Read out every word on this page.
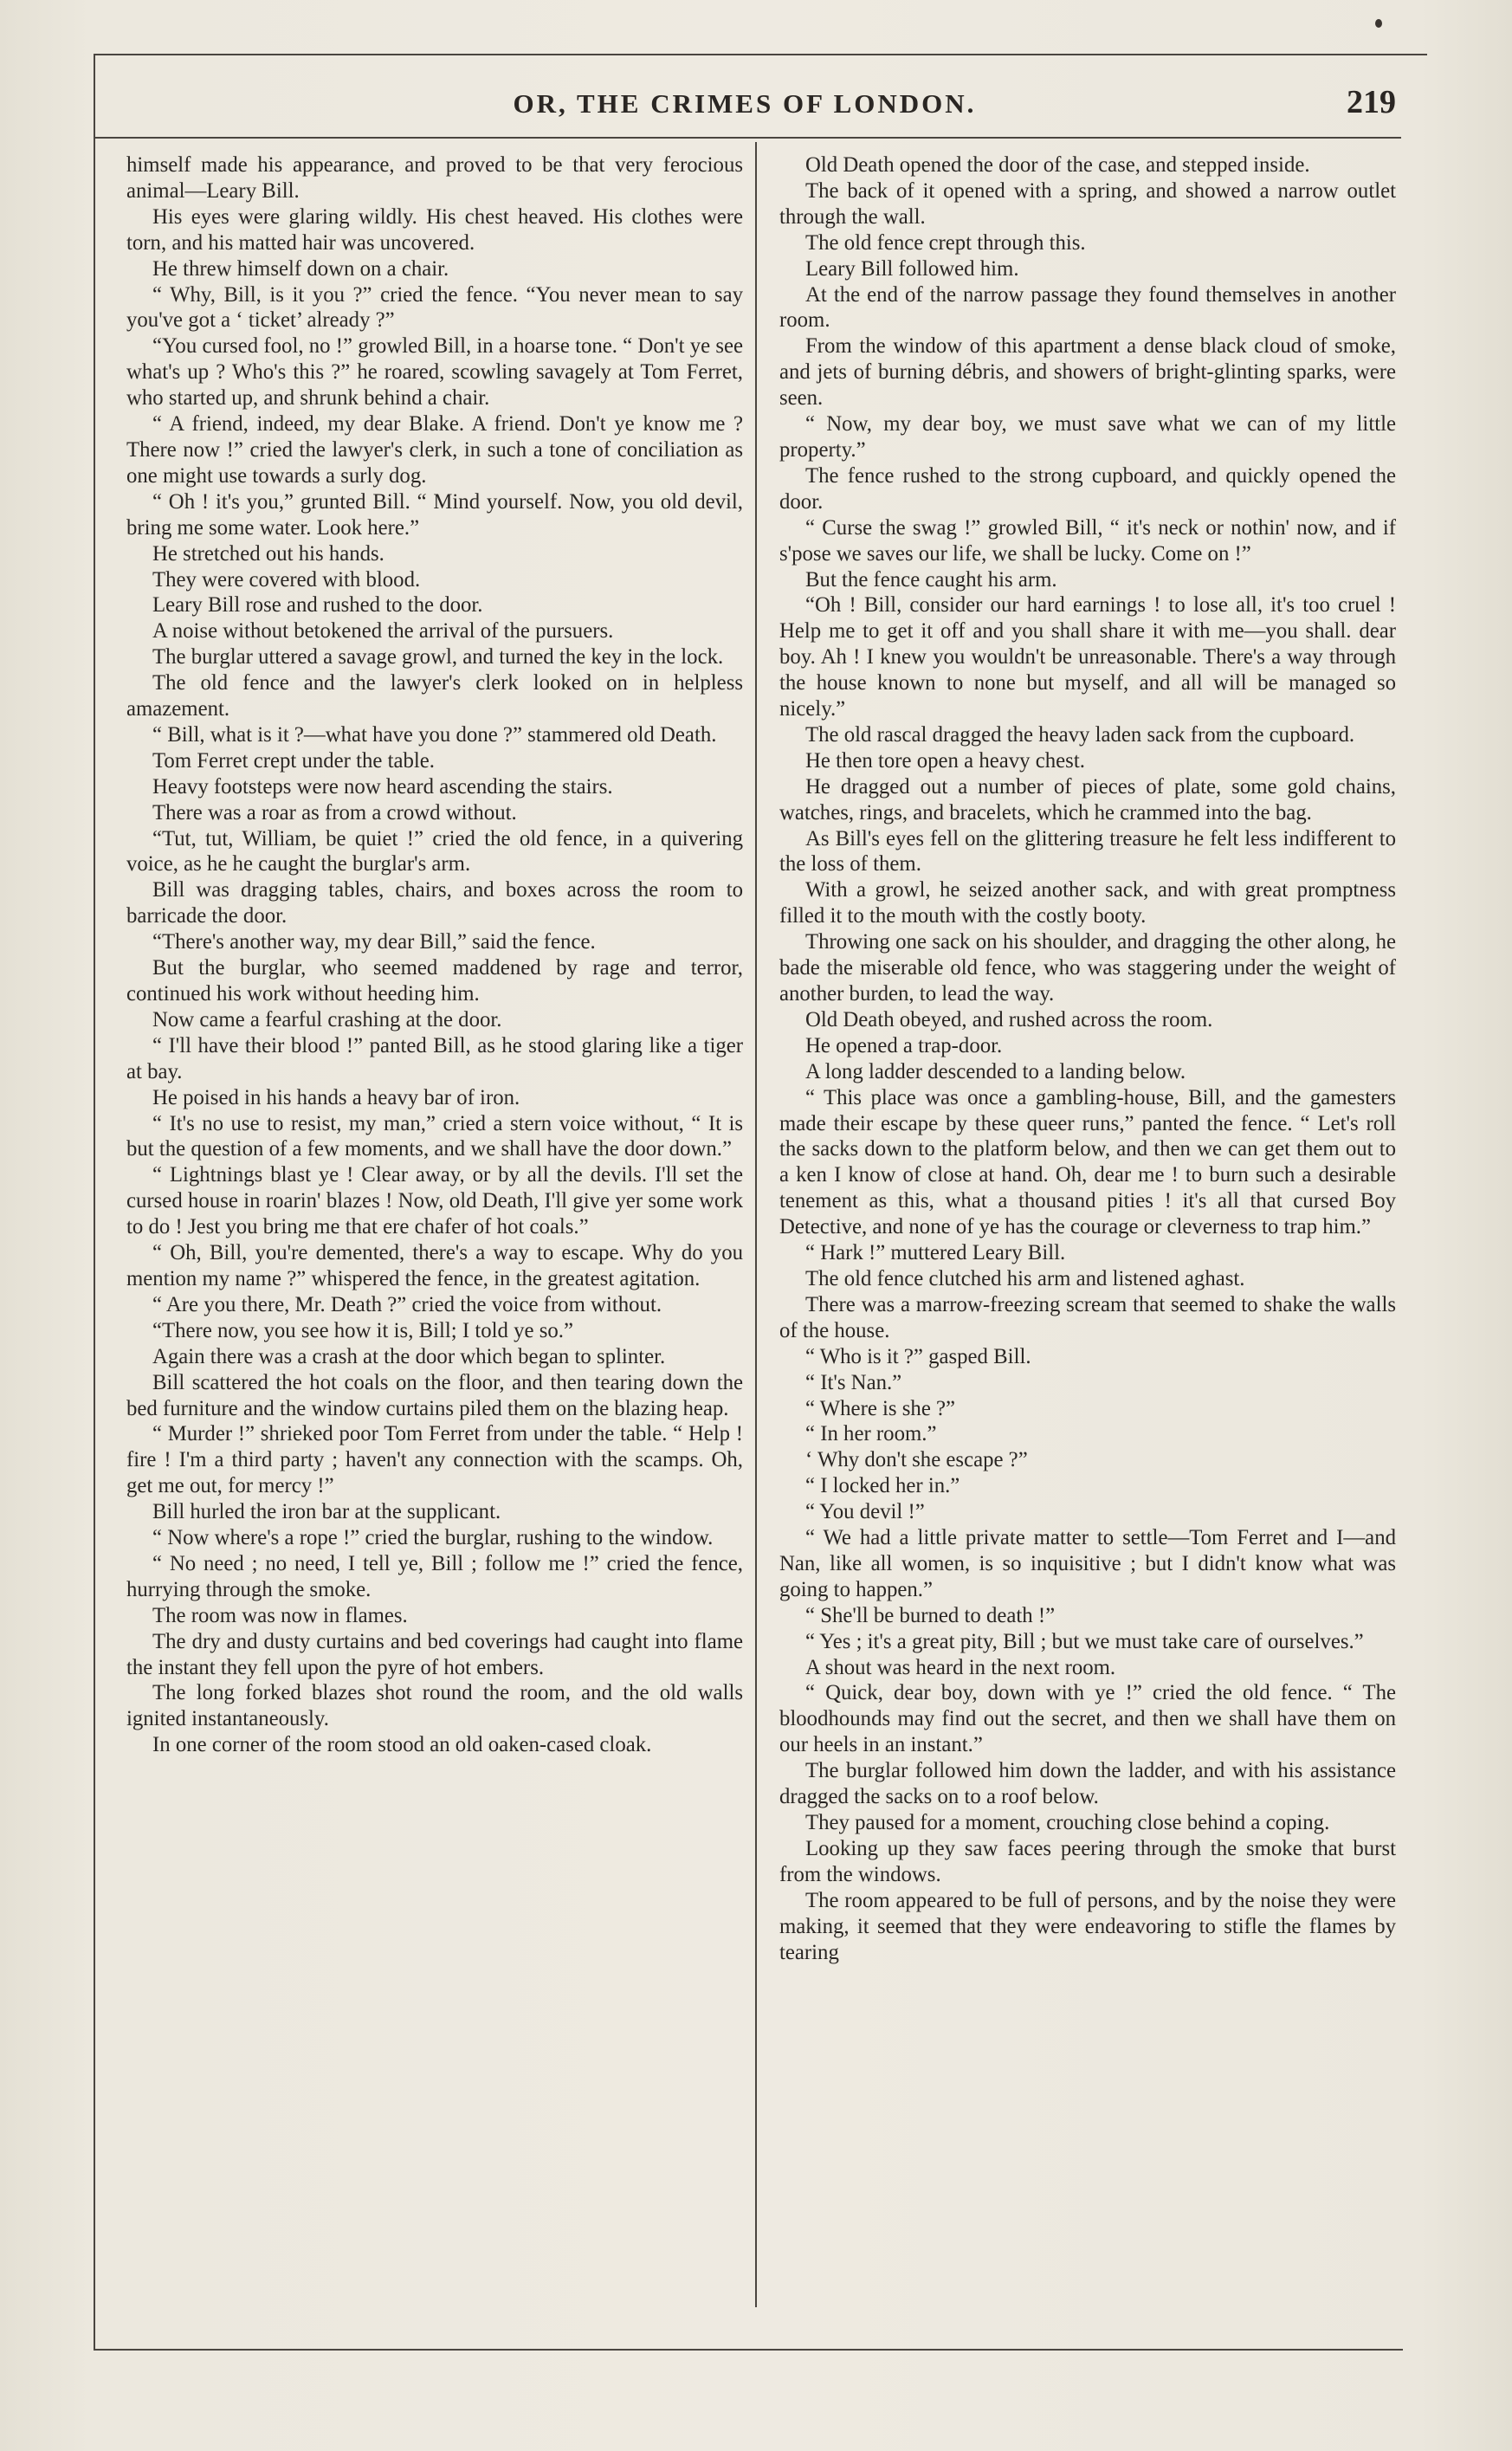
OR, THE CRIMES OF LONDON.	219

himself made his appearance, and proved to be that very ferocious animal—Leary Bill.

His eyes were glaring wildly. His chest heaved. His clothes were torn, and his matted hair was uncovered.

He threw himself down on a chair.

“ Why, Bill, is it you ?” cried the fence. “You never mean to say you've got a ‘ ticket’ already ?”

“You cursed fool, no !” growled Bill, in a hoarse tone. “ Don't ye see what's up ? Who's this ?” he roared, scowling savagely at Tom Ferret, who started up, and shrunk behind a chair.

“ A friend, indeed, my dear Blake. A friend. Don't ye know me ? There now !” cried the lawyer's clerk, in such a tone of conciliation as one might use towards a surly dog.

“ Oh ! it's you,” grunted Bill. “ Mind yourself. Now, you old devil, bring me some water. Look here.”

He stretched out his hands.

They were covered with blood.

Leary Bill rose and rushed to the door.

A noise without betokened the arrival of the pursuers.

The burglar uttered a savage growl, and turned the key in the lock.

The old fence and the lawyer's clerk looked on in helpless amazement.

“ Bill, what is it ?—what have you done ?” stammered old Death.

Tom Ferret crept under the table.

Heavy footsteps were now heard ascending the stairs.

There was a roar as from a crowd without.

“Tut, tut, William, be quiet !” cried the old fence, in a quivering voice, as he he caught the burglar's arm.

Bill was dragging tables, chairs, and boxes across the room to barricade the door.

“There's another way, my dear Bill,” said the fence.

But the burglar, who seemed maddened by rage and terror, continued his work without heeding him.

Now came a fearful crashing at the door.

“ I'll have their blood !” panted Bill, as he stood glaring like a tiger at bay.

He poised in his hands a heavy bar of iron.

“ It's no use to resist, my man,” cried a stern voice without, “ It is but the question of a few moments, and we shall have the door down.”

“ Lightnings blast ye ! Clear away, or by all the devils. I'll set the cursed house in roarin' blazes ! Now, old Death, I'll give yer some work to do ! Jest you bring me that ere chafer of hot coals.”

“ Oh, Bill, you're demented, there's a way to escape. Why do you mention my name ?” whispered the fence, in the greatest agitation.

“ Are you there, Mr. Death ?” cried the voice from without.

“There now, you see how it is, Bill; I told ye so.”

Again there was a crash at the door which began to splinter.

Bill scattered the hot coals on the floor, and then tearing down the bed furniture and the window curtains piled them on the blazing heap.

“ Murder !” shrieked poor Tom Ferret from under the table. “ Help ! fire ! I'm a third party ; haven't any connection with the scamps. Oh, get me out, for mercy !”

Bill hurled the iron bar at the supplicant.

“ Now where's a rope !” cried the burglar, rushing to the window.

“ No need ; no need, I tell ye, Bill ; follow me !” cried the fence, hurrying through the smoke.

The room was now in flames.

The dry and dusty curtains and bed coverings had caught into flame the instant they fell upon the pyre of hot embers.

The long forked blazes shot round the room, and the old walls ignited instantaneously.

In one corner of the room stood an old oaken-cased cloak.

Old Death opened the door of the case, and stepped inside.

The back of it opened with a spring, and showed a narrow outlet through the wall.

The old fence crept through this.

Leary Bill followed him.

At the end of the narrow passage they found themselves in another room.

From the window of this apartment a dense black cloud of smoke, and jets of burning débris, and showers of bright-glinting sparks, were seen.

“ Now, my dear boy, we must save what we can of my little property.”

The fence rushed to the strong cupboard, and quickly opened the door.

“ Curse the swag !” growled Bill, “ it's neck or nothin' now, and if s'pose we saves our life, we shall be lucky. Come on !”

But the fence caught his arm.

“Oh ! Bill, consider our hard earnings ! to lose all, it's too cruel ! Help me to get it off and you shall share it with me—you shall. dear boy. Ah ! I knew you wouldn't be unreasonable. There's a way through the house known to none but myself, and all will be managed so nicely.”

The old rascal dragged the heavy laden sack from the cupboard.

He then tore open a heavy chest.

He dragged out a number of pieces of plate, some gold chains, watches, rings, and bracelets, which he crammed into the bag.

As Bill's eyes fell on the glittering treasure he felt less indifferent to the loss of them.

With a growl, he seized another sack, and with great promptness filled it to the mouth with the costly booty.

Throwing one sack on his shoulder, and dragging the other along, he bade the miserable old fence, who was staggering under the weight of another burden, to lead the way.

Old Death obeyed, and rushed across the room.

He opened a trap-door.

A long ladder descended to a landing below.

“ This place was once a gambling-house, Bill, and the gamesters made their escape by these queer runs,” panted the fence. “ Let's roll the sacks down to the platform below, and then we can get them out to a ken I know of close at hand. Oh, dear me ! to burn such a desirable tenement as this, what a thousand pities ! it's all that cursed Boy Detective, and none of ye has the courage or cleverness to trap him.”

“ Hark !” muttered Leary Bill.

The old fence clutched his arm and listened aghast.

There was a marrow-freezing scream that seemed to shake the walls of the house.

“ Who is it ?” gasped Bill.

“ It's Nan.”

“ Where is she ?”

“ In her room.”

‘ Why don't she escape ?”

“ I locked her in.”

“ You devil !”

“ We had a little private matter to settle—Tom Ferret and I—and Nan, like all women, is so inquisitive ; but I didn't know what was going to happen.”

“ She'll be burned to death !”

“ Yes ; it's a great pity, Bill ; but we must take care of ourselves.”

A shout was heard in the next room.

“ Quick, dear boy, down with ye !” cried the old fence. “ The bloodhounds may find out the secret, and then we shall have them on our heels in an instant.”

The burglar followed him down the ladder, and with his assistance dragged the sacks on to a roof below.

They paused for a moment, crouching close behind a coping.

Looking up they saw faces peering through the smoke that burst from the windows.

The room appeared to be full of persons, and by the noise they were making, it seemed that they were endeavoring to stifle the flames by tearing
